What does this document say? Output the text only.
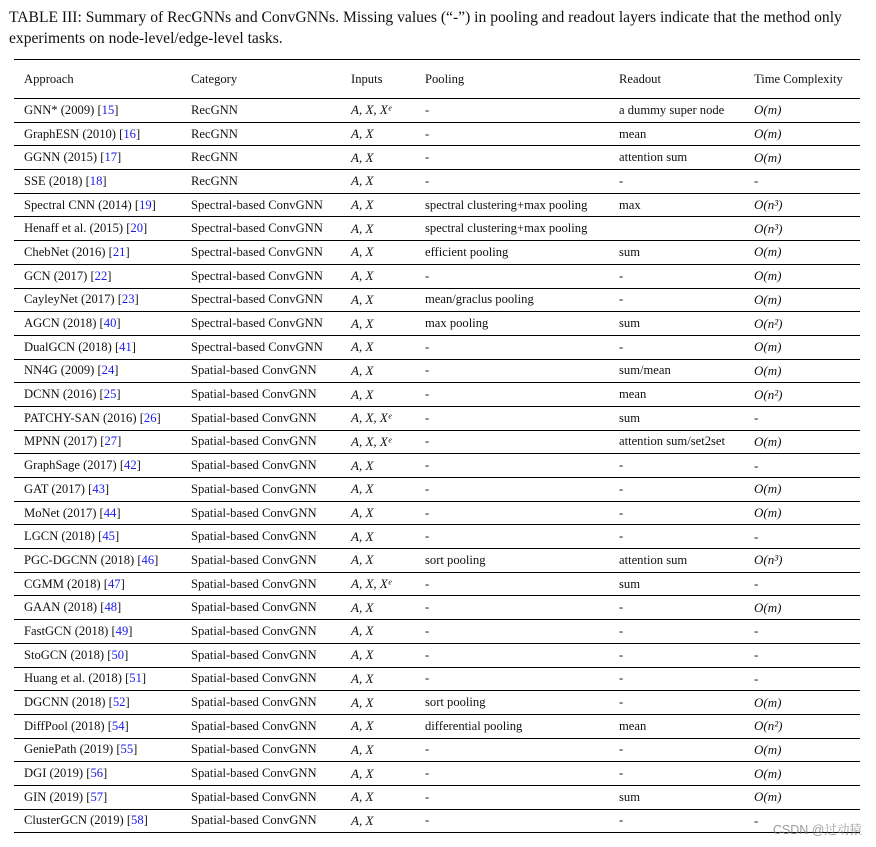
TABLE III: Summary of RecGNNs and ConvGNNs. Missing values (“-”) in pooling and readout layers indicate that the method only experiments on node-level/edge-level tasks.
Approach	Category	Inputs	Pooling	Readout	Time Complexity
GNN* (2009) [15]	RecGNN	A, X, Xᵉ	-	a dummy super node	O(m)
GraphESN (2010) [16]	RecGNN	A, X	-	mean	O(m)
GGNN (2015) [17]	RecGNN	A, X	-	attention sum	O(m)
SSE (2018) [18]	RecGNN	A, X	-	-	-
Spectral CNN (2014) [19]	Spectral-based ConvGNN	A, X	spectral clustering+max pooling	max	O(n³)
Henaff et al. (2015) [20]	Spectral-based ConvGNN	A, X	spectral clustering+max pooling		O(n³)
ChebNet (2016) [21]	Spectral-based ConvGNN	A, X	efficient pooling	sum	O(m)
GCN (2017) [22]	Spectral-based ConvGNN	A, X	-	-	O(m)
CayleyNet (2017) [23]	Spectral-based ConvGNN	A, X	mean/graclus pooling	-	O(m)
AGCN (2018) [40]	Spectral-based ConvGNN	A, X	max pooling	sum	O(n²)
DualGCN (2018) [41]	Spectral-based ConvGNN	A, X	-	-	O(m)
NN4G (2009) [24]	Spatial-based ConvGNN	A, X	-	sum/mean	O(m)
DCNN (2016) [25]	Spatial-based ConvGNN	A, X	-	mean	O(n²)
PATCHY-SAN (2016) [26]	Spatial-based ConvGNN	A, X, Xᵉ	-	sum	-
MPNN (2017) [27]	Spatial-based ConvGNN	A, X, Xᵉ	-	attention sum/set2set	O(m)
GraphSage (2017) [42]	Spatial-based ConvGNN	A, X	-	-	-
GAT (2017) [43]	Spatial-based ConvGNN	A, X	-	-	O(m)
MoNet (2017) [44]	Spatial-based ConvGNN	A, X	-	-	O(m)
LGCN (2018) [45]	Spatial-based ConvGNN	A, X	-	-	-
PGC-DGCNN (2018) [46]	Spatial-based ConvGNN	A, X	sort pooling	attention sum	O(n³)
CGMM (2018) [47]	Spatial-based ConvGNN	A, X, Xᵉ	-	sum	-
GAAN (2018) [48]	Spatial-based ConvGNN	A, X	-	-	O(m)
FastGCN (2018) [49]	Spatial-based ConvGNN	A, X	-	-	-
StoGCN (2018) [50]	Spatial-based ConvGNN	A, X	-	-	-
Huang et al. (2018) [51]	Spatial-based ConvGNN	A, X	-	-	-
DGCNN (2018) [52]	Spatial-based ConvGNN	A, X	sort pooling	-	O(m)
DiffPool (2018) [54]	Spatial-based ConvGNN	A, X	differential pooling	mean	O(n²)
GeniePath (2019) [55]	Spatial-based ConvGNN	A, X	-	-	O(m)
DGI (2019) [56]	Spatial-based ConvGNN	A, X	-	-	O(m)
GIN (2019) [57]	Spatial-based ConvGNN	A, X	-	sum	O(m)
ClusterGCN (2019) [58]	Spatial-based ConvGNN	A, X	-	-	-
CSDN @过动猿
